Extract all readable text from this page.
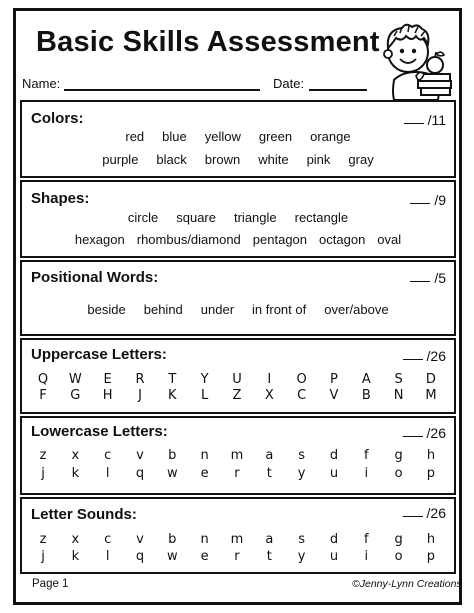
Basic Skills Assessment
Name:	Date:
Colors:	/11
red blue yellow green orange
purple black brown white pink gray
Shapes:	/9
circle square triangle rectangle
hexagon rhombus/diamond pentagon octagon oval
Positional Words:	/5
beside behind under in front of over/above
Uppercase Letters:	/26
Q W	E	R	T	Y	U	I	O	P	A	S	D
F	G	H	J	K	L	Z	X	C	V	B	N	M
Lowercase Letters:	/26
z	x	c	v	b	n	m	a	s	d	f	g	h
j	k	l	q	w	e	r	t	y	u	i	o	p
Letter Sounds:	/26
z	x	c	v	b	n	m	a	s	d	f	g	h
j	k	l	q	w	e	r	t	y	u	i	o	p
Page 1	©Jenny-Lynn Creations
